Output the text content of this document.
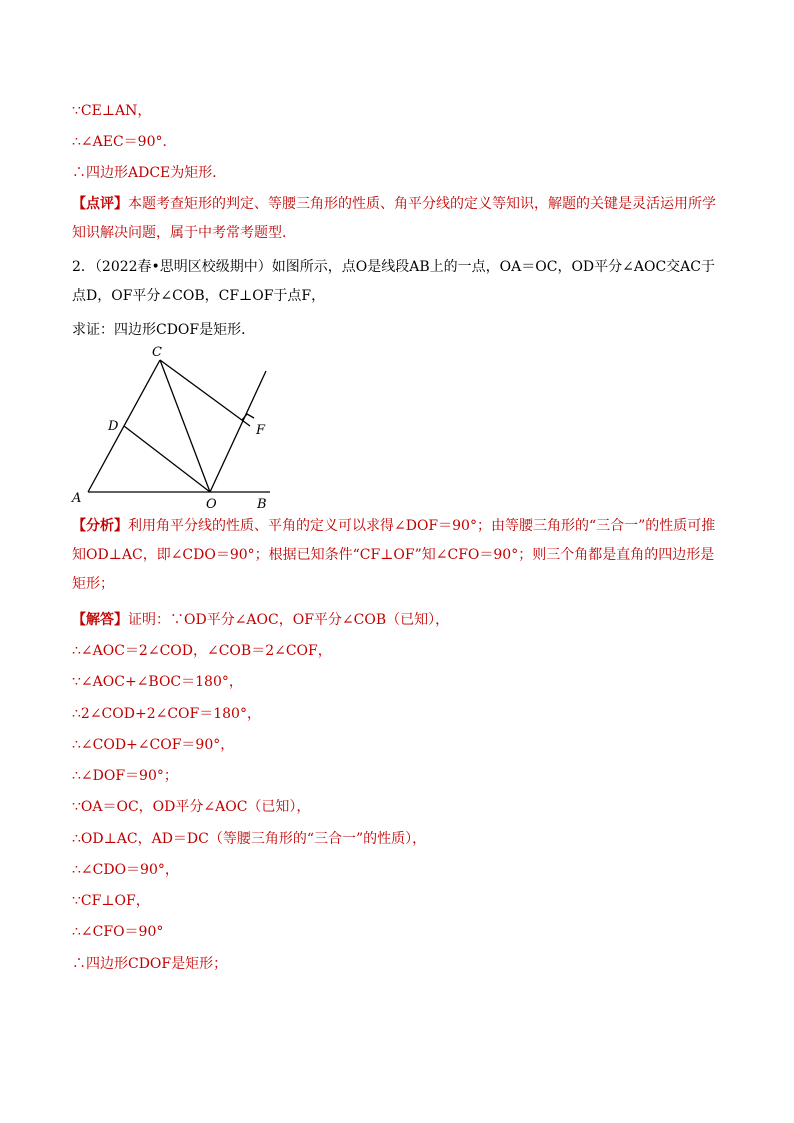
∵CE⊥AN，
∴∠AEC＝90°．
∴四边形ADCE为矩形．
【点评】本题考查矩形的判定、等腰三角形的性质、角平分线的定义等知识，解题的关键是灵活运用所学知识解决问题，属于中考常考题型．
2．（2022春•思明区校级期中）如图所示，点O是线段AB上的一点，OA＝OC，OD平分∠AOC交AC于点D，OF平分∠COB，CF⊥OF于点F，
求证：四边形CDOF是矩形．
C
D	F
A	O	B
【分析】利用角平分线的性质、平角的定义可以求得∠DOF＝90°；由等腰三角形的“三合一”的性质可推知OD⊥AC，即∠CDO＝90°；根据已知条件“CF⊥OF”知∠CFO＝90°；则三个角都是直角的四边形是矩形；
【解答】证明：∵OD平分∠AOC，OF平分∠COB（已知），
∴∠AOC＝2∠COD，∠COB＝2∠COF，
∵∠AOC+∠BOC＝180°，
∴2∠COD+2∠COF＝180°，
∴∠COD+∠COF＝90°，
∴∠DOF＝90°；
∵OA＝OC，OD平分∠AOC（已知），
∴OD⊥AC，AD＝DC（等腰三角形的“三合一”的性质），
∴∠CDO＝90°，
∵CF⊥OF，
∴∠CFO＝90°
∴四边形CDOF是矩形；
